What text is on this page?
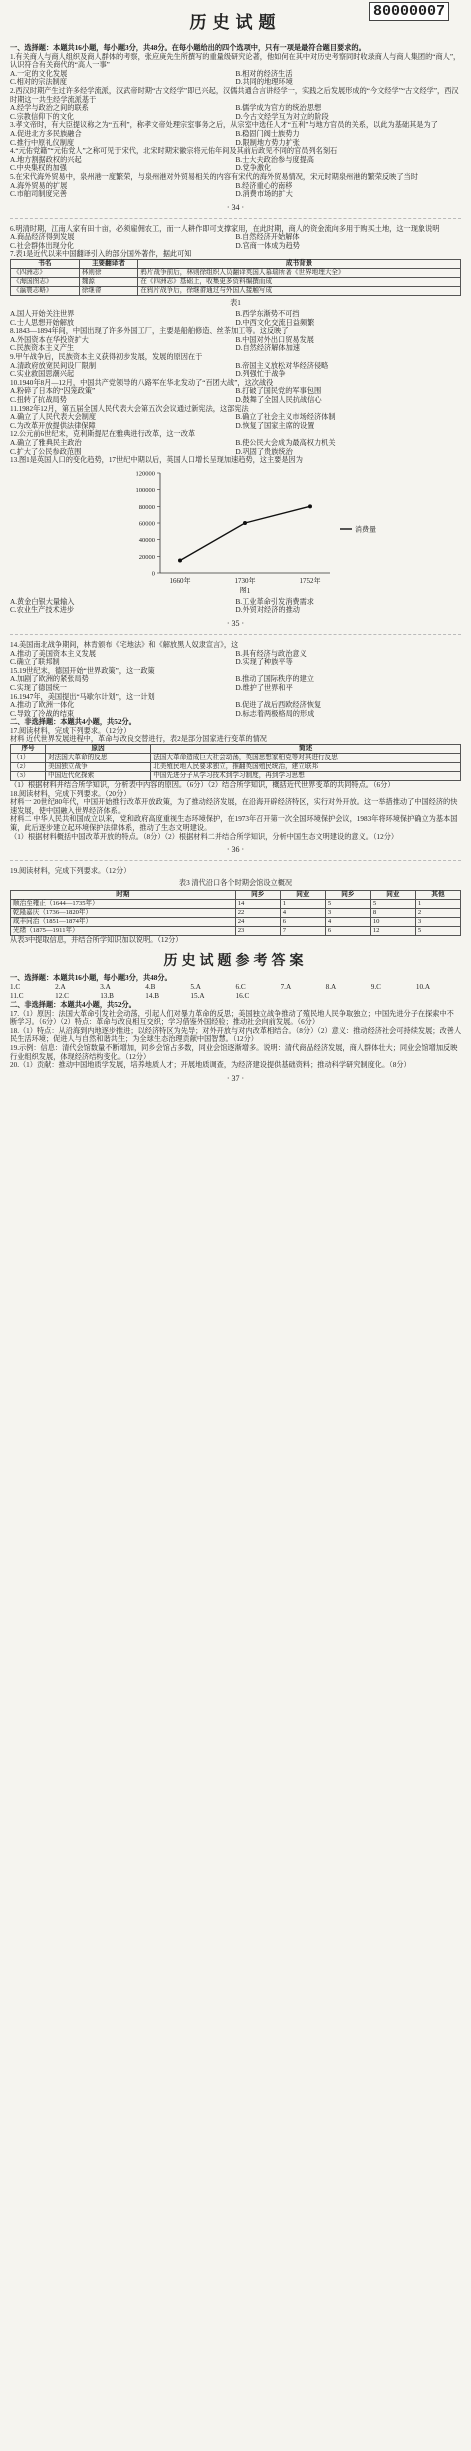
历史试题
80000007

一、选择题：本题共16小题，每小题3分，共48分。在每小题给出的四个选项中，只有一项是最符合题目要求的。

1.有关商人与商人组织及商人群体的考察，张应庚先生所撰写的重量级研究论著，他如何在其中对历史考察同时收录商人与商人集团的“商人”，认识符合有关商代的“高人一事”

A.一定的文化发展	B.相对的经济生活
C.相对的宗法制度	D.共同的地理环境

2.西汉时期产生过许多经学流派，汉武帝时期“古文经学”即已兴起，汉儒共通合言讲经学一，实践之后发展形成的“今文经学”“古文经学”，西汉时期这一共生经学流派基于

A.经学与政治之间的联系	B.儒学成为官方的统治思想
C.宗教信仰下的文化	D.今古文经学互为对立的阶段

3.孝文帝时，有大臣提议称之为“五利”，称孝文帝处理宗室事务之后，从宗室中选任人才“五利”与地方官员的关系，以此为基础其是为了

A.促进北方多民族融合	B.稳固门阀士族势力
C.推行中原礼仪制度	D.限制地方势力扩张

4.“元佑党籍”“元佑党人”之称可见于宋代，北宋时期宋徽宗将元佑年间及其前后政见不同的官员列名刻石

A.地方割据政权的兴起	B.士大夫政治参与度提高
C.中央集权的加强	D.党争激化

5.在宋代海外贸易中，泉州港一度繁荣，与泉州港对外贸易相关的内容有宋代的海外贸易情况，宋元时期泉州港的繁荣反映了当时

A.海外贸易的扩展	B.经济重心的南移
C.市舶司制度完善	D.消费市场的扩大
· 34 ·

6.明清时期，江南人家有田十亩，必须雇佣农工，而一人耕作即可支撑家用，在此时期，商人的资金流向多用于购买土地，这一现象说明

A.商品经济得到发展	B.自然经济开始解体
C.社会群体出现分化	D.官商一体成为趋势

7.表1是近代以来中国翻译引入的部分国外著作，据此可知

书名	主要翻译者	成书背景
《四洲志》	林则徐	鸦片战争前后，林则徐组织人员翻译英国人慕瑞所著《世界地理大全》
《海国图志》	魏源	在《四洲志》基础上，收集更多资料编撰而成
《瀛寰志略》	徐继畬	在鸦片战争后，徐继畬通过与外国人接触写成
表1
A.国人开始关注世界	B.西学东渐势不可挡
C.士人思想开始解放	D.中西文化交流日益频繁

8.1843—1894年间，中国出现了许多外国工厂，主要是船舶修造、丝茶加工等。这反映了

A.外国资本在华投资扩大	B.中国对外出口贸易发展
C.民族资本主义产生	D.自然经济解体加速

9.甲午战争后，民族资本主义获得初步发展，发展的原因在于

A.清政府放宽民间设厂限制	B.帝国主义放松对华经济侵略
C.实业救国思潮兴起	D.列强忙于战争

10.1940年8月—12月，中国共产党领导的八路军在华北发动了“百团大战”，这次战役

A.粉碎了日本的“囚笼政策”	B.打破了国民党的军事包围
C.扭转了抗战局势	D.鼓舞了全国人民抗战信心

11.1982年12月，第五届全国人民代表大会第五次会议通过新宪法，这部宪法

A.确立了人民代表大会制度	B.确立了社会主义市场经济体制
C.为改革开放提供法律保障	D.恢复了国家主席的设置

12.公元前6世纪末，克利斯提尼在雅典进行改革，这一改革

A.确立了雅典民主政治	B.使公民大会成为最高权力机关
C.扩大了公民参政范围	D.巩固了贵族统治

13.图1是英国人口的变化趋势，17世纪中期以后，英国人口增长呈现加速趋势，这主要是因为

0
20000
40000
60000
80000
100000
120000
1660年	1730年	1752年
消费量
图1
A.黄金白银大量输入	B.工业革命引发消费需求
C.农业生产技术进步	D.外贸对经济的推动
· 35 ·

14.美国南北战争期间，林肯颁布《宅地法》和《解放黑人奴隶宣言》，这

A.推动了美国资本主义发展	B.具有经济与政治意义
C.确立了联邦制	D.实现了种族平等

15.19世纪末，德国开始“世界政策”，这一政策

A.加剧了欧洲的紧张局势	B.推动了国际秩序的建立
C.实现了德国统一	D.维护了世界和平

16.1947年，美国提出“马歇尔计划”，这一计划

A.推动了欧洲一体化	B.促进了战后西欧经济恢复
C.导致了冷战的结束	D.标志着两极格局的形成

二、非选择题：本题共4小题，共52分。

17.阅读材料，完成下列要求。（12分）

材料 近代世界发展进程中，革命与改良交替进行，表2是部分国家进行变革的情况

序号	原因	简述
（1）	对法国大革命的反思	法国大革命造成巨大社会动荡，英国思想家柏克等对其进行反思
（2）	美国独立战争	北美殖民地人民要求独立，推翻英国殖民统治，建立联邦
（3）	中国近代化探索	中国先进分子从学习技术到学习制度，再到学习思想

（1）根据材料并结合所学知识，分析表中内容的原因。（6分）（2）结合所学知识，概括近代世界变革的共同特点。（6分）

18.阅读材料，完成下列要求。（20分）

材料一 20世纪80年代，中国开始推行改革开放政策，为了推动经济发展，在沿海开辟经济特区，实行对外开放。这一举措推动了中国经济的快速发展，使中国融入世界经济体系。

材料二 中华人民共和国成立以来，党和政府高度重视生态环境保护，在1973年召开第一次全国环境保护会议，1983年将环境保护确立为基本国策，此后逐步建立起环境保护法律体系，推动了生态文明建设。

（1）根据材料概括中国改革开放的特点。（8分）（2）根据材料二并结合所学知识，分析中国生态文明建设的意义。（12分）

· 36 ·

19.阅读材料，完成下列要求。（12分）

表3 清代沿口各个时期会馆设立概况
时期	同乡	同业	同乡	同业	其他
顺治至雍正（1644—1735年）	14	1	5	5	1
乾隆嘉庆（1736—1820年）	22	4	3	8	2
咸丰同治（1851—1874年）	24	6	4	10	3
光绪（1875—1911年）	23	7	6	12	5

从表3中提取信息，并结合所学知识加以说明。（12分）

历史试题参考答案

一、选择题：本题共16小题，每小题3分，共48分。

1.C	2.A	3.A	4.B	5.A	6.C	7.A	8.A	9.C	10.A
11.C	12.C	13.B	14.B	15.A	16.C

二、非选择题：本题共4小题，共52分。

17.（1）原因：法国大革命引发社会动荡，引起人们对暴力革命的反思；美国独立战争推动了殖民地人民争取独立；中国先进分子在探索中不断学习。（6分）（2）特点：革命与改良相互交织；学习借鉴外国经验；推动社会向前发展。（6分）

18.（1）特点：从沿海到内地逐步推进；以经济特区为先导；对外开放与对内改革相结合。（8分）（2）意义：推动经济社会可持续发展；改善人民生活环境；促进人与自然和谐共生；为全球生态治理贡献中国智慧。（12分）

19.示例：信息：清代会馆数量不断增加，同乡会馆占多数，同业会馆逐渐增多。说明：清代商品经济发展，商人群体壮大；同业会馆增加反映行业组织发展，体现经济结构变化。（12分）

20.（1）贡献：推动中国地质学发展，培养地质人才；开展地质调查，为经济建设提供基础资料；推动科学研究制度化。（8分）

· 37 ·
